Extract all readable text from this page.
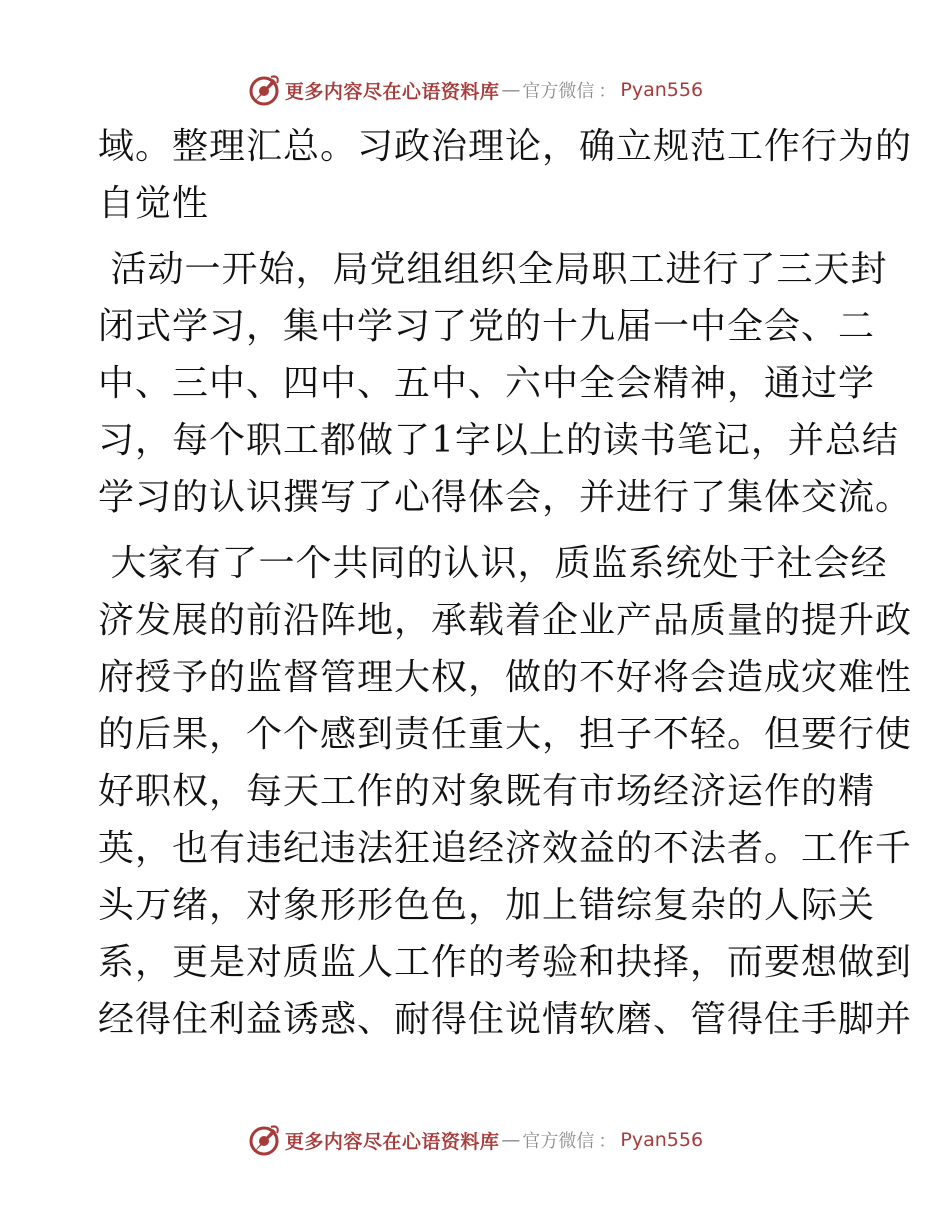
更多内容尽在心语资料库 — 官方微信 ： Pyan556

域。整理汇总。习政治理论，确立规范工作行为的
自觉性

活动一开始，局党组组织全局职工进行了三天封
闭式学习，集中学习了党的十九届一中全会、二
中、三中、四中、五中、六中全会精神，通过学
习，每个职工都做了1字以上的读书笔记，并总结
学习的认识撰写了心得体会，并进行了集体交流。

大家有了一个共同的认识，质监系统处于社会经
济发展的前沿阵地，承载着企业产品质量的提升政
府授予的监督管理大权，做的不好将会造成灾难性
的后果，个个感到责任重大，担子不轻。但要行使
好职权，每天工作的对象既有市场经济运作的精
英，也有违纪违法狂追经济效益的不法者。工作千
头万绪，对象形形色色，加上错综复杂的人际关
系，更是对质监人工作的考验和抉择，而要想做到
经得住利益诱惑、耐得住说情软磨、管得住手脚并

更多内容尽在心语资料库 — 官方微信 ： Pyan556
